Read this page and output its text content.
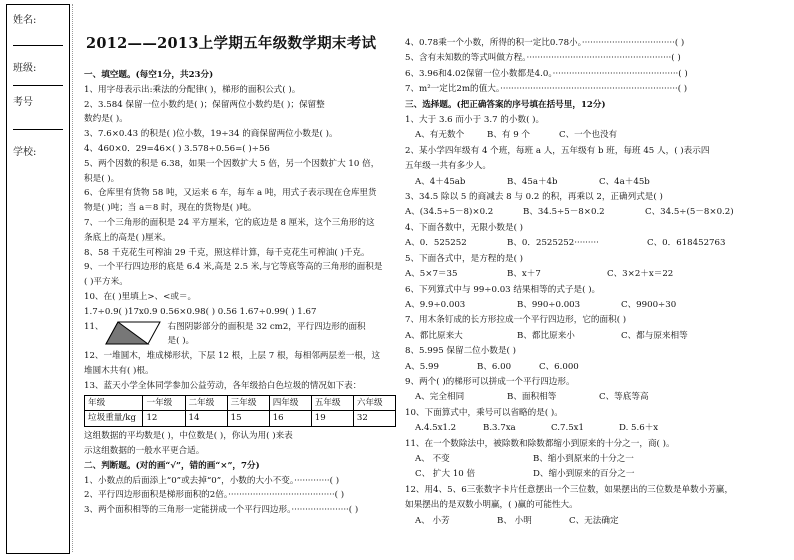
姓名:
班级:
考号
学校:
2012——2013上学期五年级数学期末考试
一、填空题。(每空1分，共23分)
1、用字母表示出:乘法的分配律( )，梯形的面积公式( )。
2、3.584 保留一位小数约是( )；保留两位小数约是( )；保留整
数约是( )。
3、7.6×0.43 的积是( )位小数，19÷34 的商保留两位小数是( )。
4、460×0．29=46×( ) 3.578÷0.56=( )÷56
5、两个因数的积是 6.38，如果一个因数扩大 5 倍，另一个因数扩大 10 倍，
积是( )。
6、仓库里有货物 58 吨，又运来 6 车，每车 a 吨，用式子表示现在仓库里货
物是( )吨；当 a＝8 时，现在的货物是( )吨。
7、一个三角形的面积是 24 平方厘米，它的底边是 8 厘米，这个三角形的这
条底上的高是( )厘米。
8、58 千克花生可榨油 29 千克，照这样计算，每千克花生可榨油( )千克。
9、一个平行四边形的底是 6.4 米,高是 2.5 米,与它等底等高的三角形的面积是
( )平方米。
10、在( )里填上>、<或＝。
1.7÷0.9( )17x0.9 0.56×0.98( ) 0.56 1.67÷0.99( ) 1.67
11、	右图阴影部分的面积是 32 cm2，平行四边形的面积
是( )。
12、一堆圆木，堆成梯形状，下层 12 根，上层 7 根，每相邻两层差一根，这
堆圆木共有( )根。
13、蓝天小学全体同学参加公益劳动，各年级拾白色垃圾的情况如下表：
年级	一年级	二年级	三年级	四年级	五年级	六年级
垃圾重量/kg	12	14	15	16	19	32
这组数据的平均数是( )，中位数是( )，你认为用( )来表
示这组数据的一般水平更合适。
二、判断题。(对的画“√”，错的画“×”，7分)
1、小数点的后面添上“0”或去掉“0”，小数的大小不变。·············( )
2、平行四边形面积是梯形面积的2倍。·······································( )
3、两个面积相等的三角形一定能拼成一个平行四边形。·····················( )
4、0.78乘一个小数，所得的积一定比0.78小。··································( )
5、含有未知数的等式叫做方程。·····················································( )
6、3.96和4.02保留一位小数都是4.0。··············································( )
7、m²一定比2m的值大。·································································( )
三、选择题。(把正确答案的序号填在括号里，12分)
1、大于 3.6 而小于 3.7 的小数( )。
A、有无数个	B、有 9 个	C、一个也没有
2、某小学四年级有 4 个班，每班 a 人，五年级有 b 班，每班 45 人，( )表示四
五年级一共有多少人。
A、4＋45ab	B、45a＋4b	C、4a＋45b
3、34.5 除以 5 的商减去 8 与 0.2 的积，再乘以 2，正确列式是( )
A、(34.5÷5－8)×0.2	B、34.5÷5－8×0.2	C、34.5÷(5－8×0.2)
4、下面各数中，无限小数是( )
A、0．525252	B、0．2525252·········	C、0．618452763
5、下面各式中，是方程的是( )
A、5×7＝35	B、x＋7	C、3×2＋x＝22
6、下列算式中与 99÷0.03 结果相等的式子是( )。
A、9.9÷0.003	B、990÷0.003	C、9900÷30
7、用木条钉成的长方形拉成一个平行四边形，它的面积( )
A、都比原来大	B、都比原来小	C、都与原来相等
8、5.995 保留二位小数是( )
A、5.99	B、6.00	C、6.000
9、两个( )的梯形可以拼成一个平行四边形。
A、完全相同	B、面积相等	C、等底等高
10、下面算式中，乘号可以省略的是( )。
A.4.5x1.2	B.3.7xa	C.7.5x1	D. 5.6＋x
11、在一个数除法中，被除数和除数都缩小到原来的十分之一，商( )。
A、 不变	B、缩小到原来的十分之一
C、 扩大 10 倍	D、缩小到原来的百分之一
12、用4、5、6三张数字卡片任意摆出一个三位数，如果摆出的三位数是单数小芳赢，
如果摆出的是双数小明赢，( )赢的可能性大。
A、 小芳	B、 小明	C、无法确定
